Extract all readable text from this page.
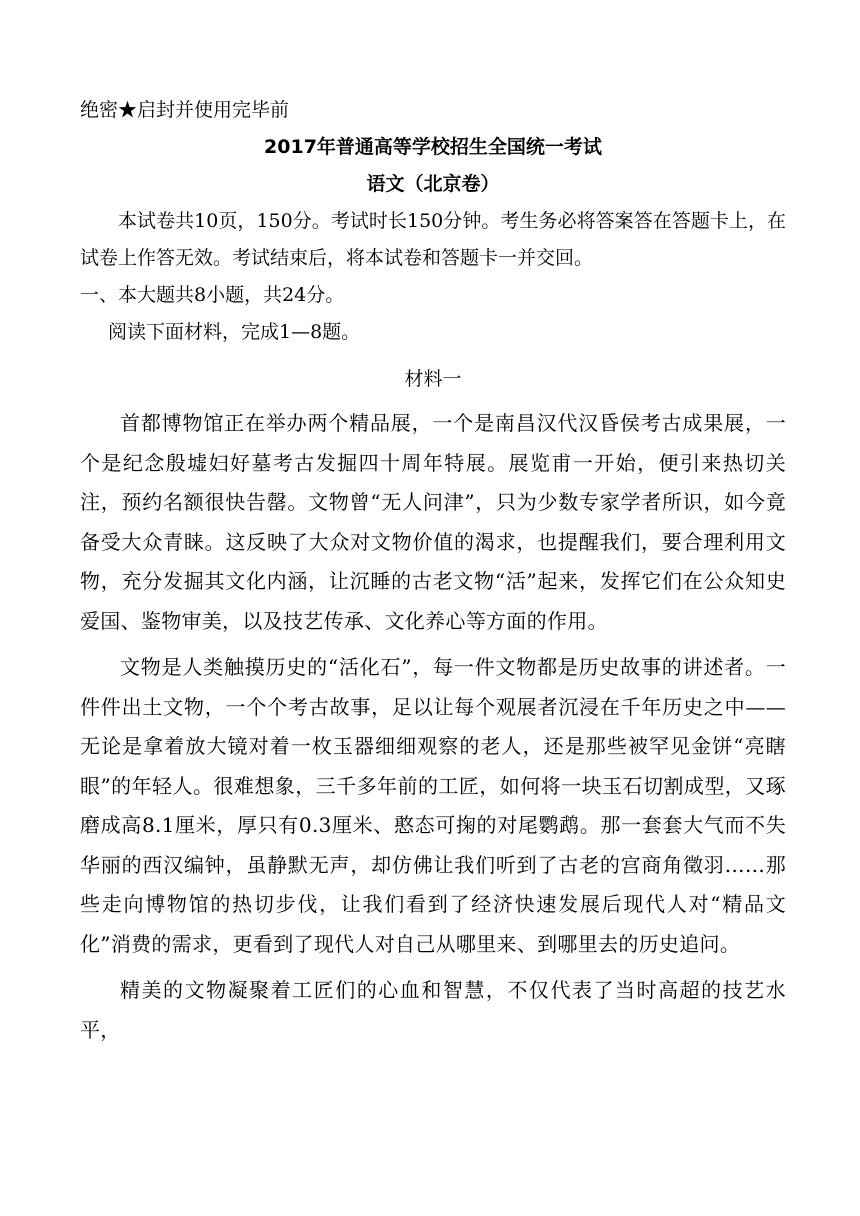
绝密★启封并使用完毕前
2017年普通高等学校招生全国统一考试
语文（北京卷）

本试卷共10页，150分。考试时长150分钟。考生务必将答案答在答题卡上，在试卷上作答无效。考试结束后，将本试卷和答题卡一并交回。

一、本大题共8小题，共24分。

阅读下面材料，完成1—8题。

材料一

首都博物馆正在举办两个精品展，一个是南昌汉代汉昏侯考古成果展，一个是纪念殷墟妇好墓考古发掘四十周年特展。展览甫一开始，便引来热切关注，预约名额很快告罄。文物曾“无人问津”，只为少数专家学者所识，如今竟备受大众青睐。这反映了大众对文物价值的渴求，也提醒我们，要合理利用文物，充分发掘其文化内涵，让沉睡的古老文物“活”起来，发挥它们在公众知史爱国、鉴物审美，以及技艺传承、文化养心等方面的作用。

文物是人类触摸历史的“活化石”，每一件文物都是历史故事的讲述者。一件件出土文物，一个个考古故事，足以让每个观展者沉浸在千年历史之中——无论是拿着放大镜对着一枚玉器细细观察的老人，还是那些被罕见金饼“亮瞎眼”的年轻人。很难想象，三千多年前的工匠，如何将一块玉石切割成型，又琢磨成高8.1厘米，厚只有0.3厘米、憨态可掬的对尾鹦鹉。那一套套大气而不失华丽的西汉编钟，虽静默无声，却仿佛让我们听到了古老的宫商角徵羽……那些走向博物馆的热切步伐，让我们看到了经济快速发展后现代人对“精品文化”消费的需求，更看到了现代人对自己从哪里来、到哪里去的历史追问。

精美的文物凝聚着工匠们的心血和智慧，不仅代表了当时高超的技艺水平，
